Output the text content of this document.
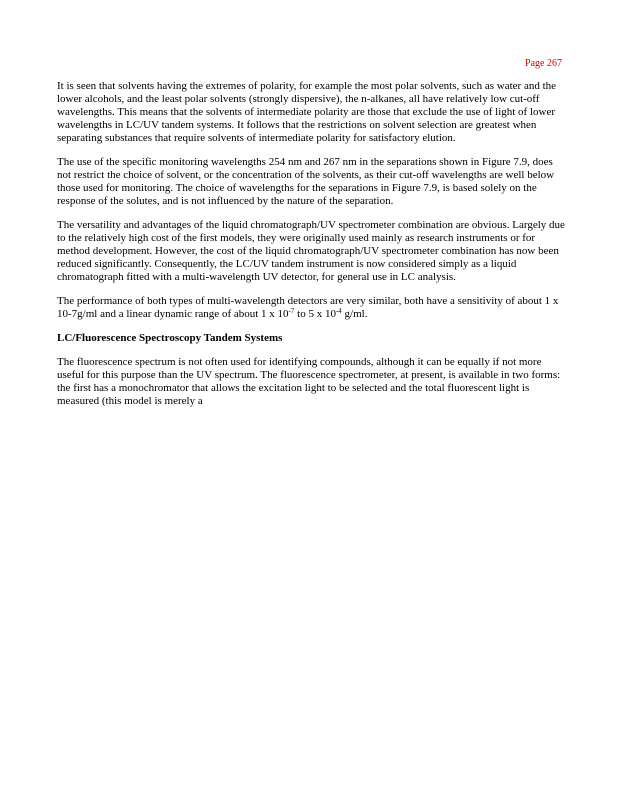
Page 267

It is seen that solvents having the extremes of polarity, for example the most polar solvents, such as water and the lower alcohols, and the least polar solvents (strongly dispersive), the n-alkanes, all have relatively low cut-off wavelengths. This means that the solvents of intermediate polarity are those that exclude the use of light of lower wavelengths in LC/UV tandem systems. It follows that the restrictions on solvent selection are greatest when separating substances that require solvents of intermediate polarity for satisfactory elution.

The use of the specific monitoring wavelengths 254 nm and 267 nm in the separations shown in Figure 7.9, does not restrict the choice of solvent, or the concentration of the solvents, as their cut-off wavelengths are well below those used for monitoring. The choice of wavelengths for the separations in Figure 7.9, is based solely on the response of the solutes, and is not influenced by the nature of the separation.

The versatility and advantages of the liquid chromatograph/UV spectrometer combination are obvious. Largely due to the relatively high cost of the first models, they were originally used mainly as research instruments or for method development. However, the cost of the liquid chromatograph/UV spectrometer combination has now been reduced significantly. Consequently, the LC/UV tandem instrument is now considered simply as a liquid chromatograph fitted with a multi-wavelength UV detector, for general use in LC analysis.

The performance of both types of multi-wavelength detectors are very similar, both have a sensitivity of about 1 x 10-7g/ml and a linear dynamic range of about 1 x $10^{-7}$ to 5 x $10^{-4}$ g/ml.

LC/Fluorescence Spectroscopy Tandem Systems

The fluorescence spectrum is not often used for identifying compounds, although it can be equally if not more useful for this purpose than the UV spectrum. The fluorescence spectrometer, at present, is available in two forms: the first has a monochromator that allows the excitation light to be selected and the total fluorescent light is measured (this model is merely a
